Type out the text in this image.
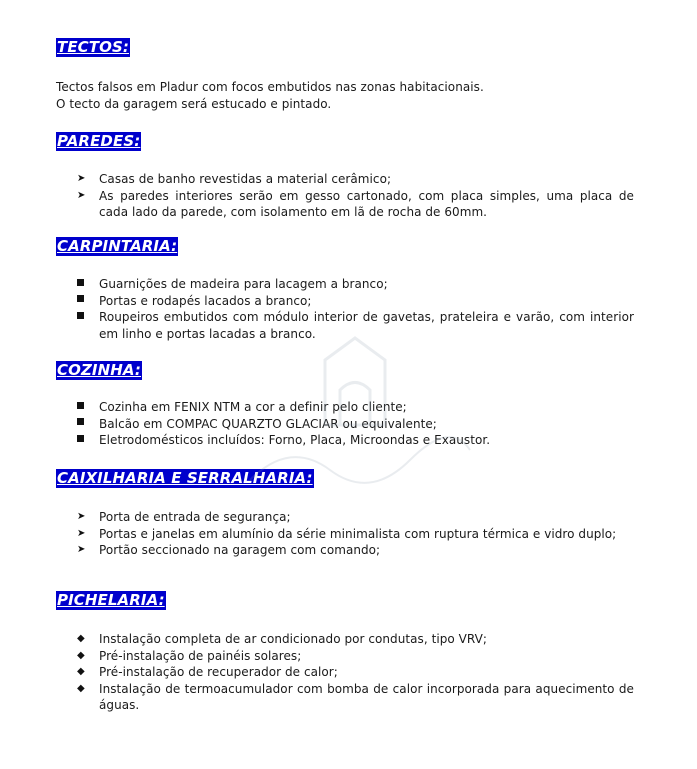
TECTOS:

Tectos falsos em Pladur com focos embutidos nas zonas habitacionais.

O tecto da garagem será estucado e pintado.

PAREDES:
➤	Casas de banho revestidas a material cerâmico;
➤	As paredes interiores serão em gesso cartonado, com placa simples, uma placa de cada lado da parede, com isolamento em lã de rocha de 60mm.
CARPINTARIA:
Guarnições de madeira para lacagem a branco;
Portas e rodapés lacados a branco;
Roupeiros embutidos com módulo interior de gavetas, prateleira e varão, com interior em linho e portas lacadas a branco.
COZINHA:
Cozinha em FENIX NTM a cor a definir pelo cliente;
Balcão em COMPAC QUARZTO GLACIAR ou equivalente;
Eletrodomésticos incluídos: Forno, Placa, Microondas e Exaustor.
CAIXILHARIA E SERRALHARIA:
➤	Porta de entrada de segurança;
➤	Portas e janelas em alumínio da série minimalista com ruptura térmica e vidro duplo;
➤	Portão seccionado na garagem com comando;
PICHELARIA:
◆	Instalação completa de ar condicionado por condutas, tipo VRV;
◆	Pré-instalação de painéis solares;
◆	Pré-instalação de recuperador de calor;
◆	Instalação de termoacumulador com bomba de calor incorporada para aquecimento de águas.
